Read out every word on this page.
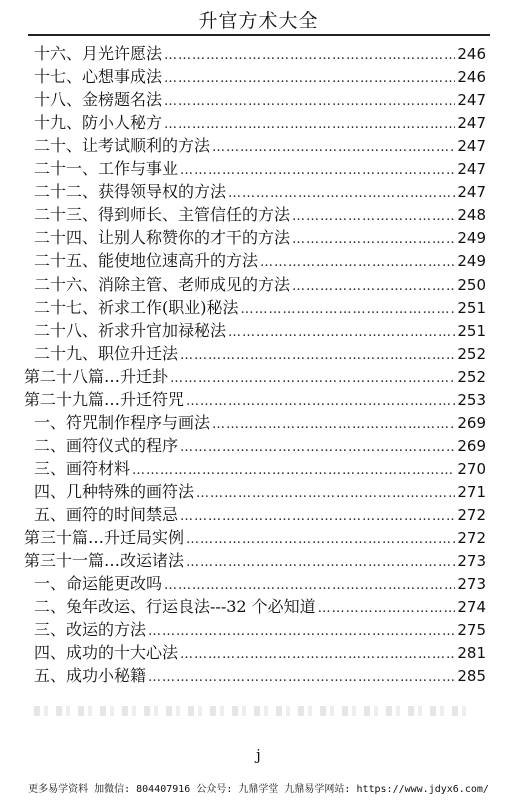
升官方术大全
十六、月光许愿法 ……………………………………………………………………………………………………………………………………………………	246
十七、心想事成法 ……………………………………………………………………………………………………………………………………………………	246
十八、金榜题名法 ……………………………………………………………………………………………………………………………………………………	247
十九、防小人秘方 ……………………………………………………………………………………………………………………………………………………	247
二十、让考试顺利的方法 ……………………………………………………………………………………………………………………………………………………	247
二十一、工作与事业 ……………………………………………………………………………………………………………………………………………………	247
二十二、获得领导权的方法 ……………………………………………………………………………………………………………………………………………………	247
二十三、得到师长、主管信任的方法 ……………………………………………………………………………………………………………………………………………………	248
二十四、让别人称赞你的才干的方法 ……………………………………………………………………………………………………………………………………………………	249
二十五、能使地位速高升的方法 ……………………………………………………………………………………………………………………………………………………	249
二十六、消除主管、老师成见的方法 ……………………………………………………………………………………………………………………………………………………	250
二十七、祈求工作(职业)秘法 ……………………………………………………………………………………………………………………………………………………	251
二十八、祈求升官加禄秘法 ……………………………………………………………………………………………………………………………………………………	251
二十九、职位升迁法 ……………………………………………………………………………………………………………………………………………………	252
第二十八篇…升迁卦 ……………………………………………………………………………………………………………………………………………………	252
第二十九篇…升迁符咒 ……………………………………………………………………………………………………………………………………………………	253
一、符咒制作程序与画法 ……………………………………………………………………………………………………………………………………………………	269
二、画符仪式的程序 ……………………………………………………………………………………………………………………………………………………	269
三、画符材料 ……………………………………………………………………………………………………………………………………………………	270
四、几种特殊的画符法 ……………………………………………………………………………………………………………………………………………………	271
五、画符的时间禁忌 ……………………………………………………………………………………………………………………………………………………	272
第三十篇…升迁局实例 ……………………………………………………………………………………………………………………………………………………	272
第三十一篇…改运诸法 ……………………………………………………………………………………………………………………………………………………	273
一、命运能更改吗 ……………………………………………………………………………………………………………………………………………………	273
二、兔年改运、行运良法---32 个必知道 ……………………………………………………………………………………………………………………………………………………	274
三、改运的方法 ……………………………………………………………………………………………………………………………………………………	275
四、成功的十大心法 ……………………………………………………………………………………………………………………………………………………	281
五、成功小秘籍 ……………………………………………………………………………………………………………………………………………………	285
j
更多易学资料 加微信: 804407916 公众号: 九鼎学堂 九鼎易学网站: https://www.jdyx6.com/
